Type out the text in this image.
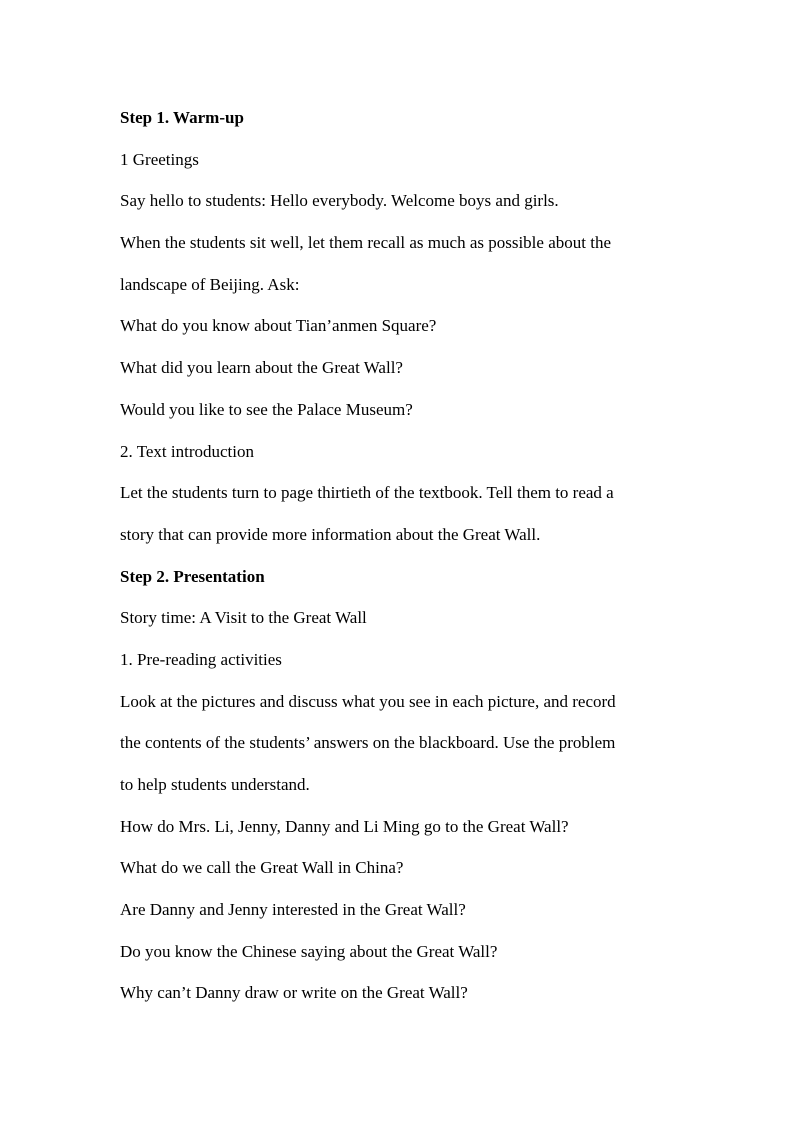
Step 1. Warm-up
1 Greetings
Say hello to students: Hello everybody. Welcome boys and girls.
When the students sit well, let them recall as much as possible about the
landscape of Beijing. Ask:
What do you know about Tian’anmen Square?
What did you learn about the Great Wall?
Would you like to see the Palace Museum?
2. Text introduction
Let the students turn to page thirtieth of the textbook. Tell them to read a
story that can provide more information about the Great Wall.
Step 2. Presentation
Story time: A Visit to the Great Wall
1. Pre-reading activities
Look at the pictures and discuss what you see in each picture, and record
the contents of the students’ answers on the blackboard. Use the problem
to help students understand.
How do Mrs. Li, Jenny, Danny and Li Ming go to the Great Wall?
What do we call the Great Wall in China?
Are Danny and Jenny interested in the Great Wall?
Do you know the Chinese saying about the Great Wall?
Why can’t Danny draw or write on the Great Wall?
